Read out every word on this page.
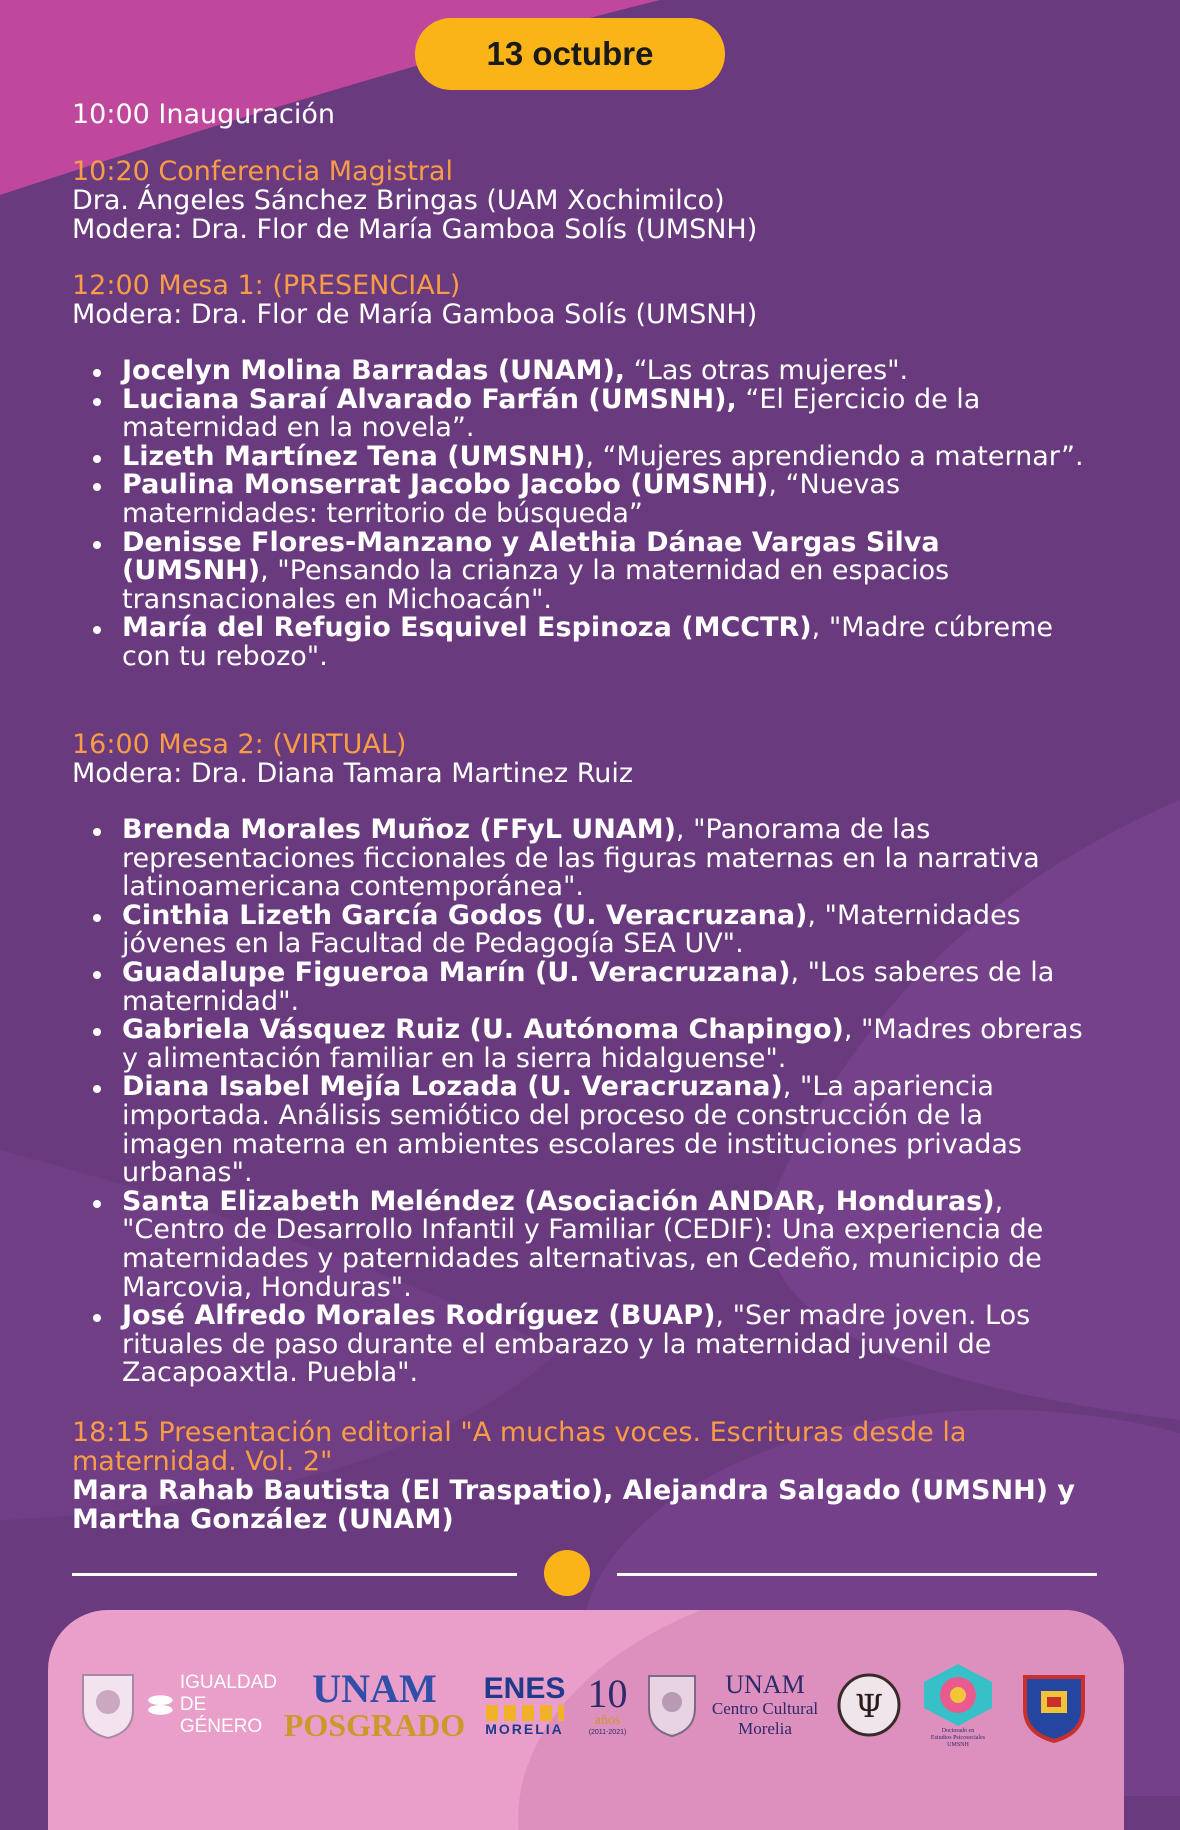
13 octubre

10:00 Inauguración

10:20 Conferencia Magistral

Dra. Ángeles Sánchez Bringas (UAM Xochimilco)

Modera: Dra. Flor de María Gamboa Solís (UMSNH)

12:00 Mesa 1: (PRESENCIAL)

Modera: Dra. Flor de María Gamboa Solís (UMSNH)

Jocelyn Molina Barradas (UNAM), “Las otras mujeres".
Luciana Saraí Alvarado Farfán (UMSNH), “El Ejercicio de la maternidad en la novela”.
Lizeth Martínez Tena (UMSNH), “Mujeres aprendiendo a maternar”.
Paulina Monserrat Jacobo Jacobo (UMSNH), “Nuevas maternidades: territorio de búsqueda”
Denisse Flores-Manzano y Alethia Dánae Vargas Silva (UMSNH), "Pensando la crianza y la maternidad en espacios transnacionales en Michoacán".
María del Refugio Esquivel Espinoza (MCCTR), "Madre cúbreme con tu rebozo".

16:00 Mesa 2: (VIRTUAL)

Modera: Dra. Diana Tamara Martinez Ruiz

Brenda Morales Muñoz (FFyL UNAM), "Panorama de las representaciones ficcionales de las figuras maternas en la narrativa latinoamericana contemporánea".
Cinthia Lizeth García Godos (U. Veracruzana), "Maternidades jóvenes en la Facultad de Pedagogía SEA UV".
Guadalupe Figueroa Marín (U. Veracruzana), "Los saberes de la maternidad".
Gabriela Vásquez Ruiz (U. Autónoma Chapingo), "Madres obreras y alimentación familiar en la sierra hidalguense".
Diana Isabel Mejía Lozada (U. Veracruzana), "La apariencia importada. Análisis semiótico del proceso de construcción de la imagen materna en ambientes escolares de instituciones privadas urbanas".
Santa Elizabeth Meléndez (Asociación ANDAR, Honduras), "Centro de Desarrollo Infantil y Familiar (CEDIF): Una experiencia de maternidades y paternidades alternativas, en Cedeño, municipio de Marcovia, Honduras".
José Alfredo Morales Rodríguez (BUAP), "Ser madre joven. Los rituales de paso durante el embarazo y la maternidad juvenil de Zacapoaxtla. Puebla".

18:15 Presentación editorial "A muchas voces. Escrituras desde la

maternidad. Vol. 2"

Mara Rahab Bautista (El Traspatio), Alejandra Salgado (UMSNH) y

Martha González (UNAM)

IGUALDAD
DE GÉNERO
UNAM
POSGRADO
ENES
MORELIA
10
años
(2011-2021)
UNAM
Centro Cultural
Morelia
Ψ
Doctorado en
Estudios Psicosociales
UMSNH
